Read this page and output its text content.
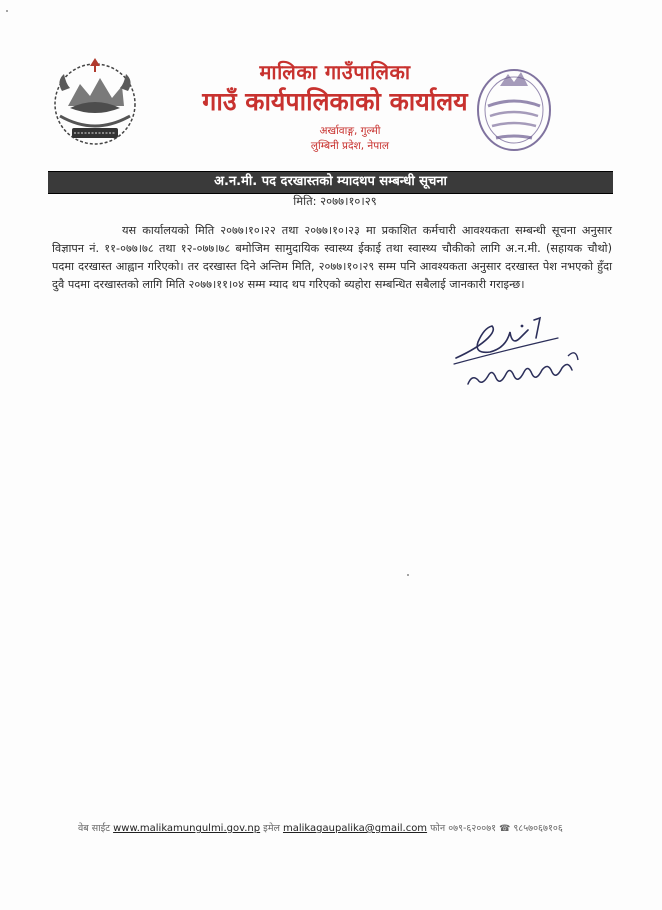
मालिका गाउँपालिका
गाउँ कार्यपालिकाको कार्यालय
अर्खावाङ्ग, गुल्मी
लुम्बिनी प्रदेश, नेपाल
अ.न.मी. पद दरखास्तको म्यादथप सम्बन्धी सूचना
मिति: २०७७।१०।२९
यस कार्यालयको मिति २०७७।१०।२२ तथा २०७७।१०।२३ मा प्रकाशित कर्मचारी आवश्यकता सम्बन्धी सूचना अनुसार विज्ञापन नं. ११-०७७।७८ तथा १२-०७७।७८ बमोजिम सामुदायिक स्वास्थ्य ईकाई तथा स्वास्थ्य चौकीको लागि अ.न.मी. (सहायक चौथो) पदमा दरखास्त आह्वान गरिएको। तर दरखास्त दिने अन्तिम मिति, २०७७।१०।२९ सम्म पनि आवश्यकता अनुसार दरखास्त पेश नभएको हुँदा दुवै पदमा दरखास्तको लागि मिति २०७७।११।०४ सम्म म्याद थप गरिएको ब्यहोरा सम्बन्धित सबैलाई जानकारी गराइन्छ।
वेब साईट www.malikamungulmi.gov.np इमेल malikagaupalika@gmail.com फोन ०७९-६२००७१ ☎ ९८५७०६७१०६
